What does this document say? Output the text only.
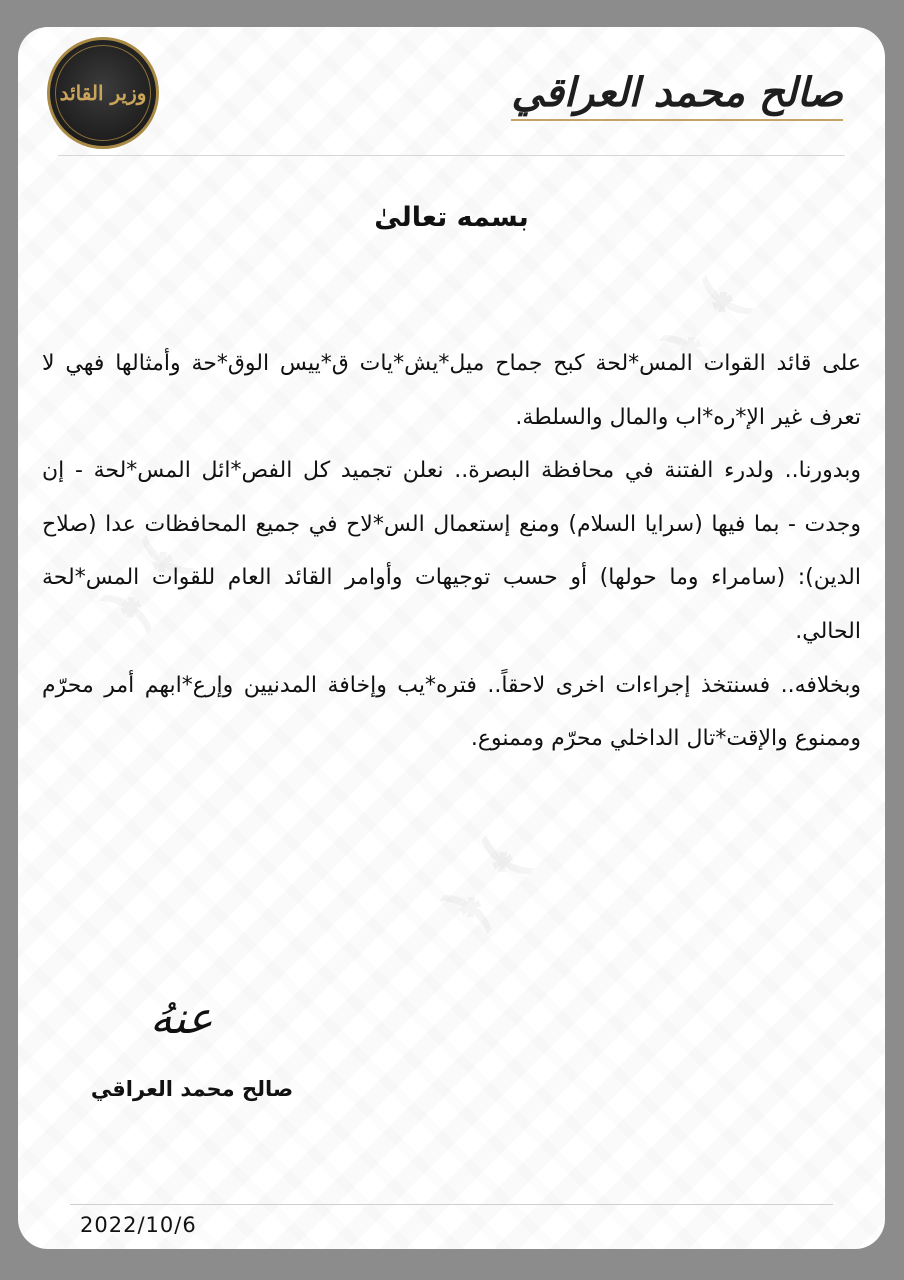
﴿ ﴾
﴿ ﴾
﴿ ﴾
وزير القائد	صالح محمد العراقي
بسمه تعالىٰ

على قائد القوات المس*لحة كبح جماح ميل*يش*يات ق*ييس الوق*حة وأمثالها فهي لا تعرف غير الإ*ره*اب والمال والسلطة.

وبدورنا.. ولدرء الفتنة في محافظة البصرة.. نعلن تجميد كل الفص*ائل المس*لحة - إن وجدت - بما فيها (سرايا السلام) ومنع إستعمال الس*لاح في جميع المحافظات عدا (صلاح الدين): (سامراء وما حولها) أو حسب توجيهات وأوامر القائد العام للقوات المس*لحة الحالي.

وبخلافه.. فسنتخذ إجراءات اخرى لاحقاً.. فتره*يب وإخافة المدنيين وإرع*ابهم أمر محرّم وممنوع والإقت*تال الداخلي محرّم وممنوع.

عنهُ
صالح محمد العراقي
2022/10/6
